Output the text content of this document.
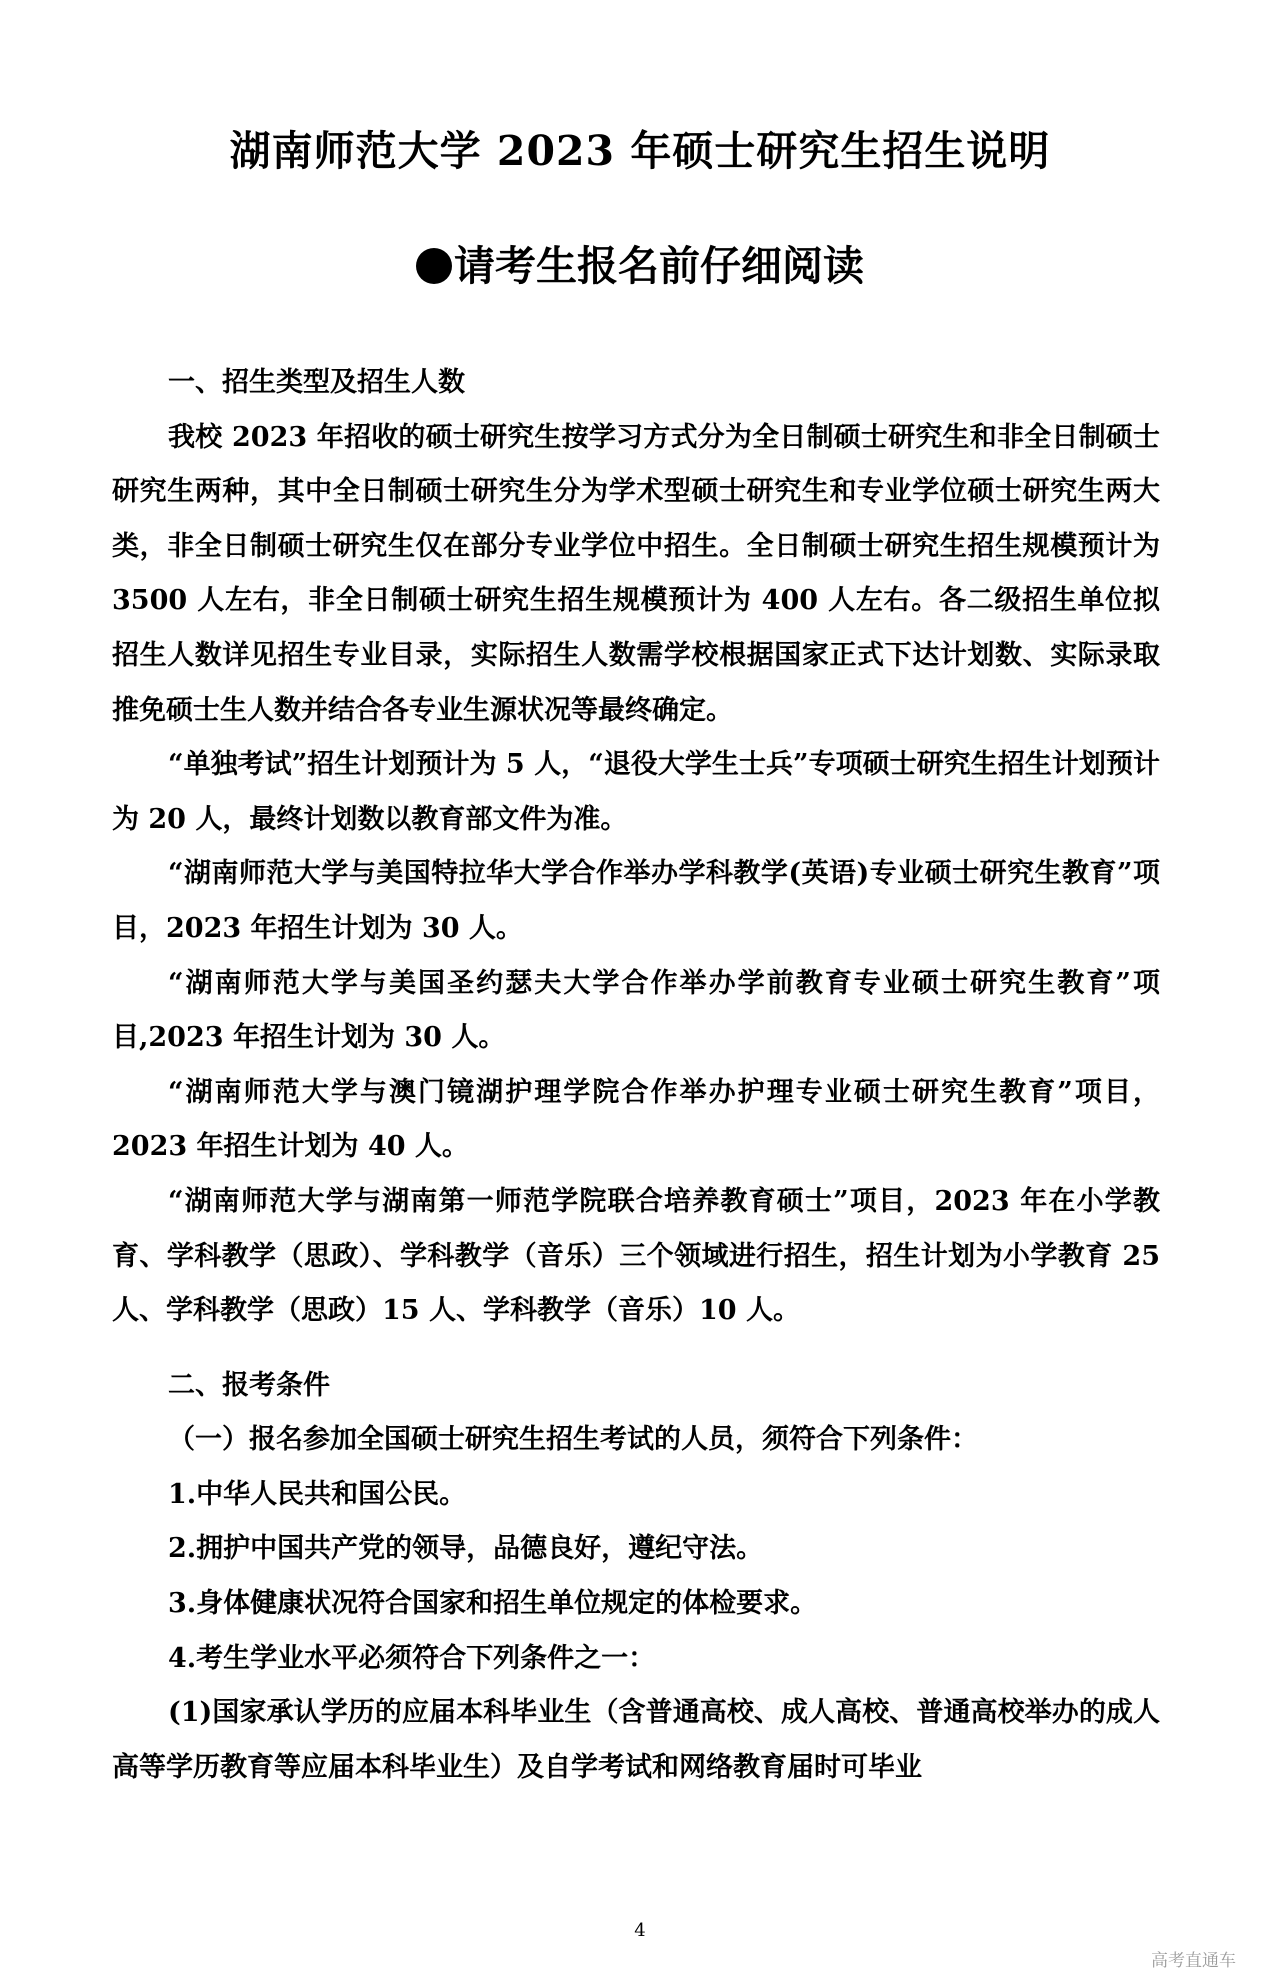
湖南师范大学 2023 年硕士研究生招生说明
请考生报名前仔细阅读

一、招生类型及招生人数

我校 2023 年招收的硕士研究生按学习方式分为全日制硕士研究生和非全日制硕士研究生两种，其中全日制硕士研究生分为学术型硕士研究生和专业学位硕士研究生两大类，非全日制硕士研究生仅在部分专业学位中招生。全日制硕士研究生招生规模预计为3500 人左右，非全日制硕士研究生招生规模预计为 400 人左右。各二级招生单位拟招生人数详见招生专业目录，实际招生人数需学校根据国家正式下达计划数、实际录取推免硕士生人数并结合各专业生源状况等最终确定。

“单独考试”招生计划预计为 5 人，“退役大学生士兵”专项硕士研究生招生计划预计为 20 人，最终计划数以教育部文件为准。

“湖南师范大学与美国特拉华大学合作举办学科教学(英语)专业硕士研究生教育”项目，2023 年招生计划为 30 人。

“湖南师范大学与美国圣约瑟夫大学合作举办学前教育专业硕士研究生教育”项目,2023 年招生计划为 30 人。

“湖南师范大学与澳门镜湖护理学院合作举办护理专业硕士研究生教育”项目，2023 年招生计划为 40 人。

“湖南师范大学与湖南第一师范学院联合培养教育硕士”项目，2023 年在小学教育、学科教学（思政）、学科教学（音乐）三个领域进行招生，招生计划为小学教育 25 人、学科教学（思政）15 人、学科教学（音乐）10 人。

二、报考条件

（一）报名参加全国硕士研究生招生考试的人员，须符合下列条件：

1.中华人民共和国公民。

2.拥护中国共产党的领导，品德良好，遵纪守法。

3.身体健康状况符合国家和招生单位规定的体检要求。

4.考生学业水平必须符合下列条件之一：

(1)国家承认学历的应届本科毕业生（含普通高校、成人高校、普通高校举办的成人高等学历教育等应届本科毕业生）及自学考试和网络教育届时可毕业

4
高考直通车
